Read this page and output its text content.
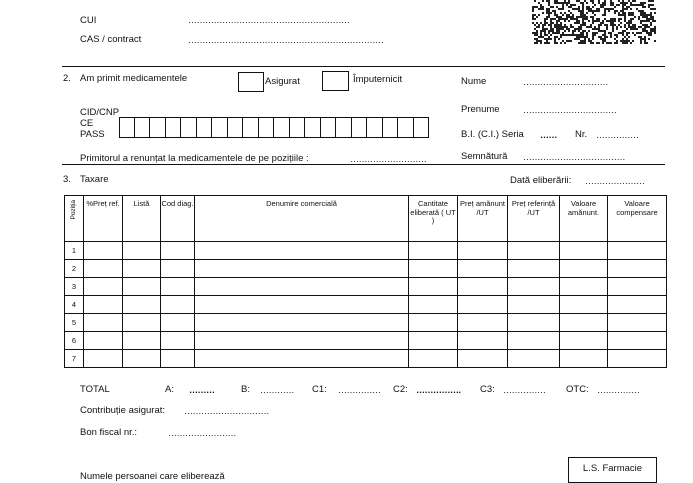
CUI	…………………………………………………
CAS / contract	……………………………………………………………
2. Am primit medicamentele	Asigurat	Împuternicit	Nume	…………………………
Prenume	……………………………
CID/CNP
CE
PASS	B.I. (C.I.) Seria …… Nr. ……………
Primitorul a renunțat la medicamentele de pe pozițiile :	………………………	Semnătură ………………………………
3. Taxare	Dată eliberării: …………………
Poziția	%Preț ref.	Listă	Cod diag.	Denumire comercială	Cantitate eliberată ( UT )	Preț amănunt /UT	Preț referință /UT	Valoare amănunt.	Valoare compensare
1									
2									
3									
4									
5									
6									
7									
TOTAL	A: ………	B: ………… C1: …………… C2: ……………. C3: …………… OTC: ……………
Contribuție asigurat: …………………………
Bon fiscal nr.:	……………………
Numele persoanei care eliberează
L.S. Farmacie
